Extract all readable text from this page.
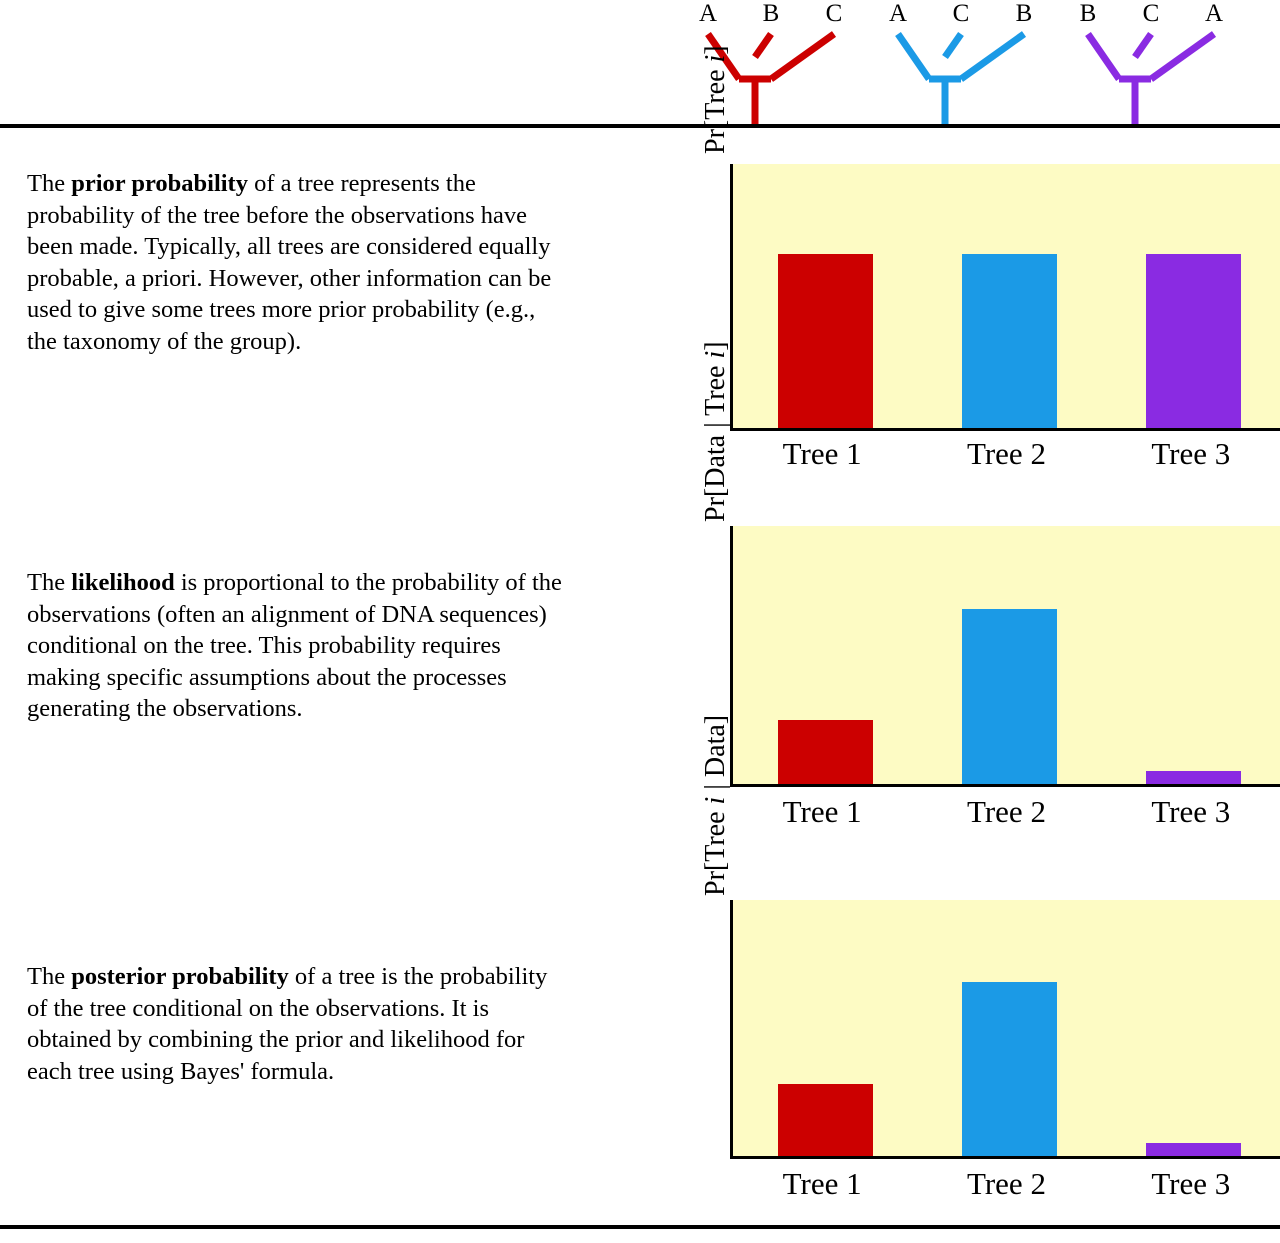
A B C A C B B C A
The prior probability of a tree represents the probability of the tree before the observations have been made. Typically, all trees are considered equally probable, a priori. However, other information can be used to give some trees more prior probability (e.g., the taxonomy of the group).
Pr[Tree i]
Tree 1	Tree 2	Tree 3
The likelihood is proportional to the probability of the observations (often an alignment of DNA sequences) conditional on the tree. This probability requires making specific assumptions about the processes generating the observations.
Pr[Data | Tree i]
Tree 1	Tree 2	Tree 3
The posterior probability of a tree is the probability of the tree conditional on the observations. It is obtained by combining the prior and likelihood for each tree using Bayes' formula.
Pr[Tree i | Data]
Tree 1	Tree 2	Tree 3
